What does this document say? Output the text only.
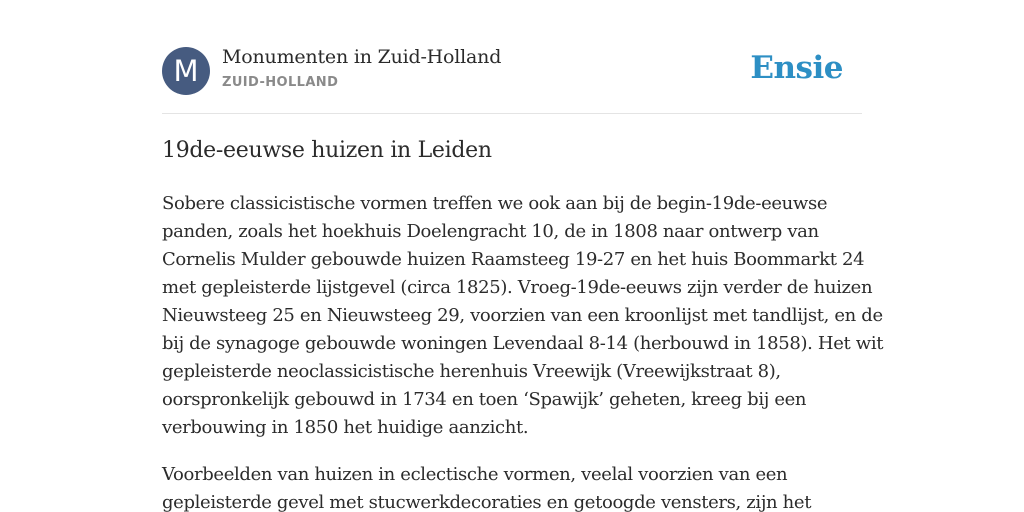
M	Monumenten in Zuid-Holland
ZUID-HOLLAND	Ensie
19de-eeuwse huizen in Leiden
Sobere classicistische vormen treffen we ook aan bij de begin-19de-eeuwse
panden, zoals het hoekhuis Doelengracht 10, de in 1808 naar ontwerp van
Cornelis Mulder gebouwde huizen Raamsteeg 19-27 en het huis Boommarkt 24
met gepleisterde lijstgevel (circa 1825). Vroeg-19de-eeuws zijn verder de huizen
Nieuwsteeg 25 en Nieuwsteeg 29, voorzien van een kroonlijst met tandlijst, en de
bij de synagoge gebouwde woningen Levendaal 8-14 (herbouwd in 1858). Het wit
gepleisterde neoclassicistische herenhuis Vreewijk (Vreewijkstraat 8),
oorspronkelijk gebouwd in 1734 en toen ‘Spawijk’ geheten, kreeg bij een
verbouwing in 1850 het huidige aanzicht.
Voorbeelden van huizen in eclectische vormen, veelal voorzien van een
gepleisterde gevel met stucwerkdecoraties en getoogde vensters, zijn het
